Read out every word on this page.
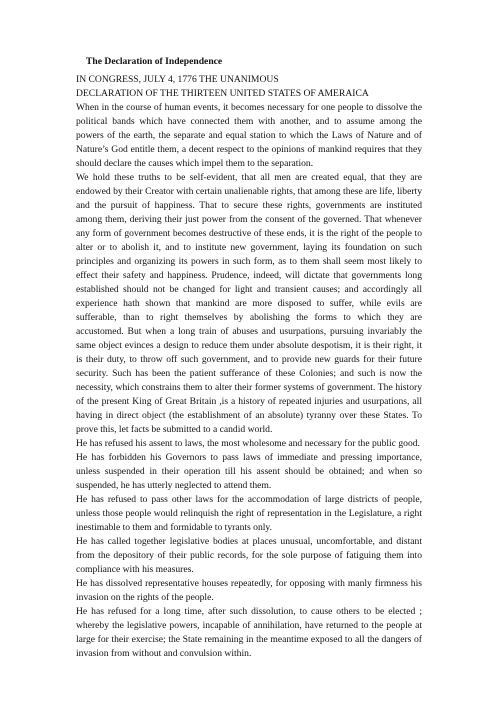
The Declaration of Independence
IN CONGRESS, JULY 4, 1776 THE UNANIMOUS
DECLARATION OF THE THIRTEEN UNITED STATES OF AMERAICA

When in the course of human events, it becomes necessary for one people to dissolve the political bands which have connected them with another, and to assume among the powers of the earth, the separate and equal station to which the Laws of Nature and of Nature’s God entitle them, a decent respect to the opinions of mankind requires that they should declare the causes which impel them to the separation.

We hold these truths to be self-evident, that all men are created equal, that they are endowed by their Creator with certain unalienable rights, that among these are life, liberty and the pursuit of happiness. That to secure these rights, governments are instituted among them, deriving their just power from the consent of the governed. That whenever any form of government becomes destructive of these ends, it is the right of the people to alter or to abolish it, and to institute new government, laying its foundation on such principles and organizing its powers in such form, as to them shall seem most likely to effect their safety and happiness. Prudence, indeed, will dictate that governments long established should not be changed for light and transient causes; and accordingly all experience hath shown that mankind are more disposed to suffer, while evils are sufferable, than to right themselves by abolishing the forms to which they are accustomed. But when a long train of abuses and usurpations, pursuing invariably the same object evinces a design to reduce them under absolute despotism, it is their right, it is their duty, to throw off such government, and to provide new guards for their future security. Such has been the patient sufferance of these Colonies; and such is now the necessity, which constrains them to alter their former systems of government. The history of the present King of Great Britain ,is a history of repeated injuries and usurpations, all having in direct object (the establishment of an absolute) tyranny over these States. To prove this, let facts be submitted to a candid world.

He has refused his assent to laws, the most wholesome and necessary for the public good.

He has forbidden his Governors to pass laws of immediate and pressing importance, unless suspended in their operation till his assent should be obtained; and when so suspended, he has utterly neglected to attend them.

He has refused to pass other laws for the accommodation of large districts of people, unless those people would relinquish the right of representation in the Legislature, a right inestimable to them and formidable to tyrants only.

He has called together legislative bodies at places unusual, uncomfortable, and distant from the depository of their public records, for the sole purpose of fatiguing them into compliance with his measures.

He has dissolved representative houses repeatedly, for opposing with manly firmness his invasion on the rights of the people.

He has refused for a long time, after such dissolution, to cause others to be elected ; whereby the legislative powers, incapable of annihilation, have returned to the people at large for their exercise; the State remaining in the meantime exposed to all the dangers of invasion from without and convulsion within.
